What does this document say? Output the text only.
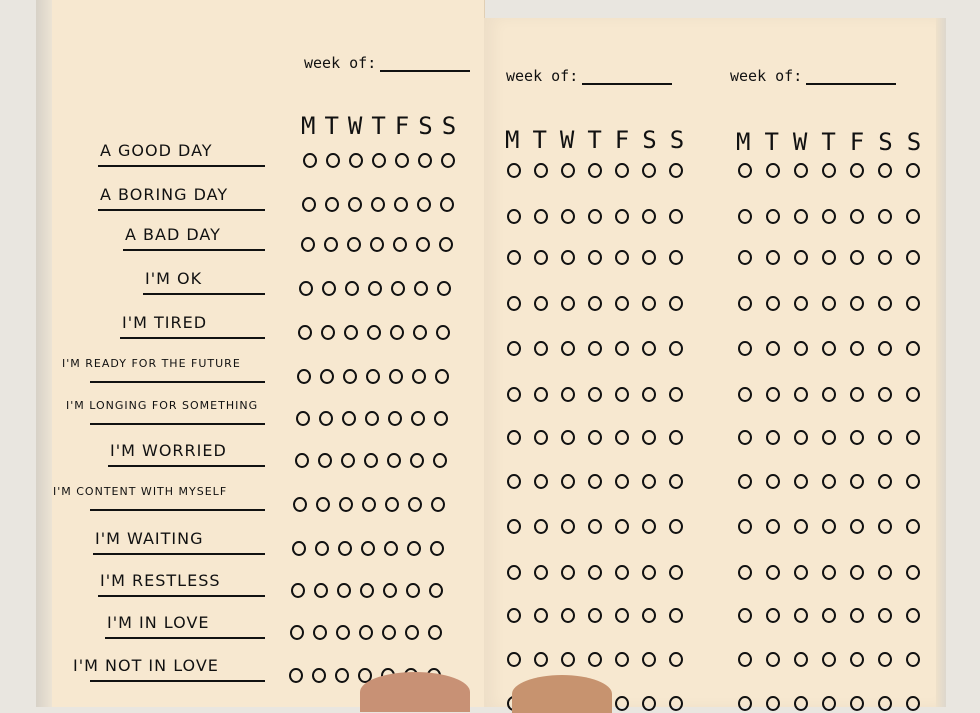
week of:
week of:	week of:
MTWTFSS MTWTFSS MTWTFSS
A GOOD DAY
A BORING DAY
A BAD DAY
I'M OK
I'M TIRED
I'M READY FOR THE FUTURE
I'M LONGING FOR SOMETHING
I'M WORRIED
I'M CONTENT WITH MYSELF
I'M WAITING
I'M RESTLESS
I'M IN LOVE
I'M NOT IN LOVE
